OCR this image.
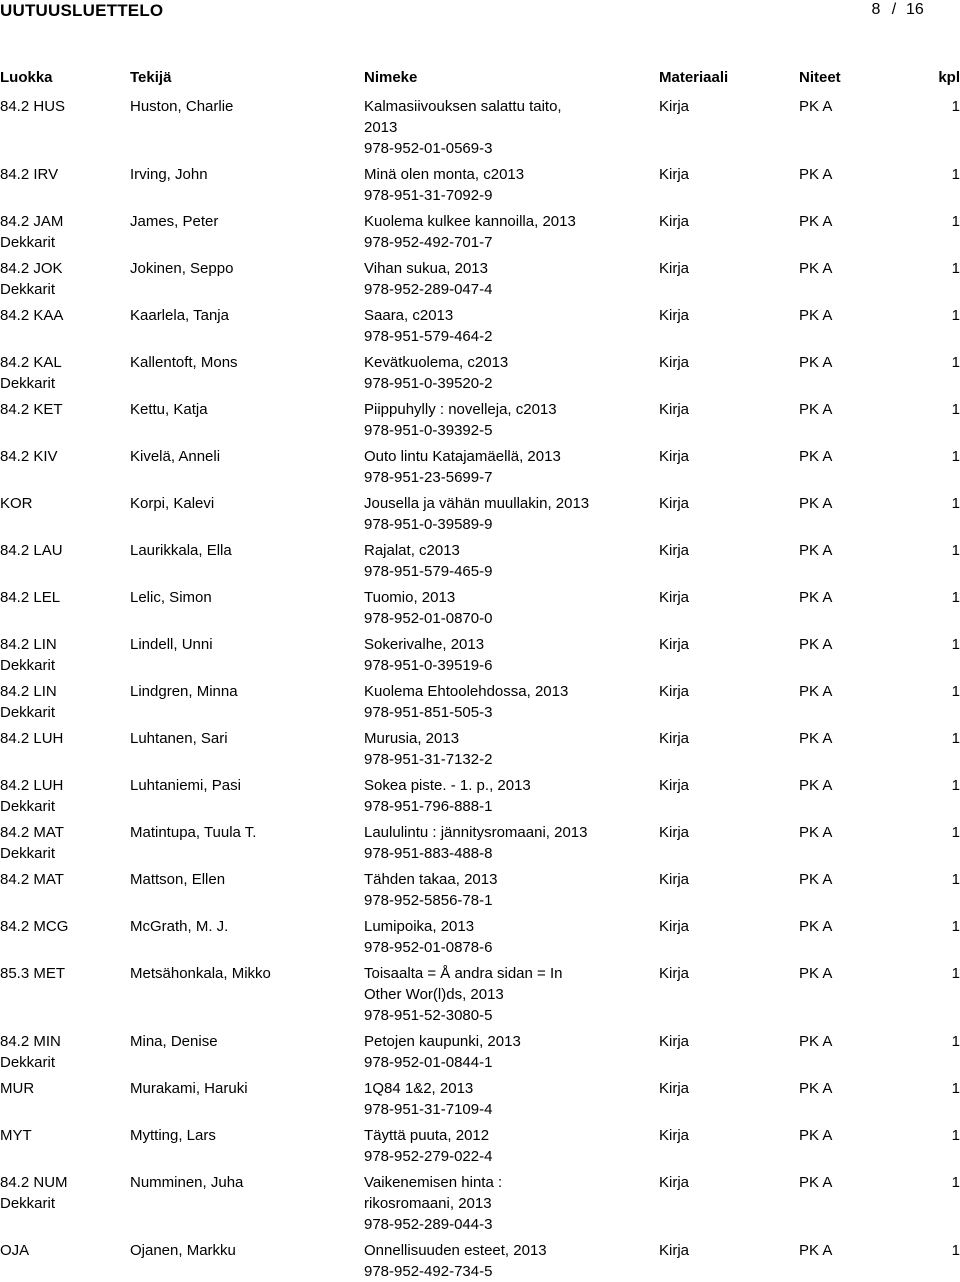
UUTUUSLUETTELO	8 / 16
Luokka	Tekijä	Nimeke	Materiaali	Niteet	kpl
84.2 HUS	Huston, Charlie	Kalmasiivouksen salattu taito,
2013
978-952-01-0569-3
Kirja	PK A	1
84.2 IRV	Irving, John	Minä olen monta, c2013
978-951-31-7092-9
Kirja	PK A	1
84.2 JAM
Dekkarit
James, Peter	Kuolema kulkee kannoilla, 2013
978-952-492-701-7
Kirja	PK A	1
84.2 JOK
Dekkarit
Jokinen, Seppo	Vihan sukua, 2013
978-952-289-047-4
Kirja	PK A	1
84.2 KAA	Kaarlela, Tanja	Saara, c2013
978-951-579-464-2
Kirja	PK A	1
84.2 KAL
Dekkarit
Kallentoft, Mons	Kevätkuolema, c2013
978-951-0-39520-2
Kirja	PK A	1
84.2 KET	Kettu, Katja	Piippuhylly : novelleja, c2013
978-951-0-39392-5
Kirja	PK A	1
84.2 KIV	Kivelä, Anneli	Outo lintu Katajamäellä, 2013
978-951-23-5699-7
Kirja	PK A	1
KOR	Korpi, Kalevi	Jousella ja vähän muullakin, 2013
978-951-0-39589-9
Kirja	PK A	1
84.2 LAU	Laurikkala, Ella	Rajalat, c2013
978-951-579-465-9
Kirja	PK A	1
84.2 LEL	Lelic, Simon	Tuomio, 2013
978-952-01-0870-0
Kirja	PK A	1
84.2 LIN
Dekkarit
Lindell, Unni	Sokerivalhe, 2013
978-951-0-39519-6
Kirja	PK A	1
84.2 LIN
Dekkarit
Lindgren, Minna	Kuolema Ehtoolehdossa, 2013
978-951-851-505-3
Kirja	PK A	1
84.2 LUH	Luhtanen, Sari	Murusia, 2013
978-951-31-7132-2
Kirja	PK A	1
84.2 LUH
Dekkarit
Luhtaniemi, Pasi	Sokea piste. - 1. p., 2013
978-951-796-888-1
Kirja	PK A	1
84.2 MAT
Dekkarit
Matintupa, Tuula T.	Laululintu : jännitysromaani, 2013
978-951-883-488-8
Kirja	PK A	1
84.2 MAT	Mattson, Ellen	Tähden takaa, 2013
978-952-5856-78-1
Kirja	PK A	1
84.2 MCG	McGrath, M. J.	Lumipoika, 2013
978-952-01-0878-6
Kirja	PK A	1
85.3 MET	Metsähonkala, Mikko	Toisaalta = Å andra sidan = In
Other Wor(l)ds, 2013
978-951-52-3080-5
Kirja	PK A	1
84.2 MIN
Dekkarit
Mina, Denise	Petojen kaupunki, 2013
978-952-01-0844-1
Kirja	PK A	1
MUR	Murakami, Haruki	1Q84 1&2, 2013
978-951-31-7109-4
Kirja	PK A	1
MYT	Mytting, Lars	Täyttä puuta, 2012
978-952-279-022-4
Kirja	PK A	1
84.2 NUM
Dekkarit
Numminen, Juha	Vaikenemisen hinta :
rikosromaani, 2013
978-952-289-044-3
Kirja	PK A	1
OJA	Ojanen, Markku	Onnellisuuden esteet, 2013
978-952-492-734-5
Kirja	PK A	1
